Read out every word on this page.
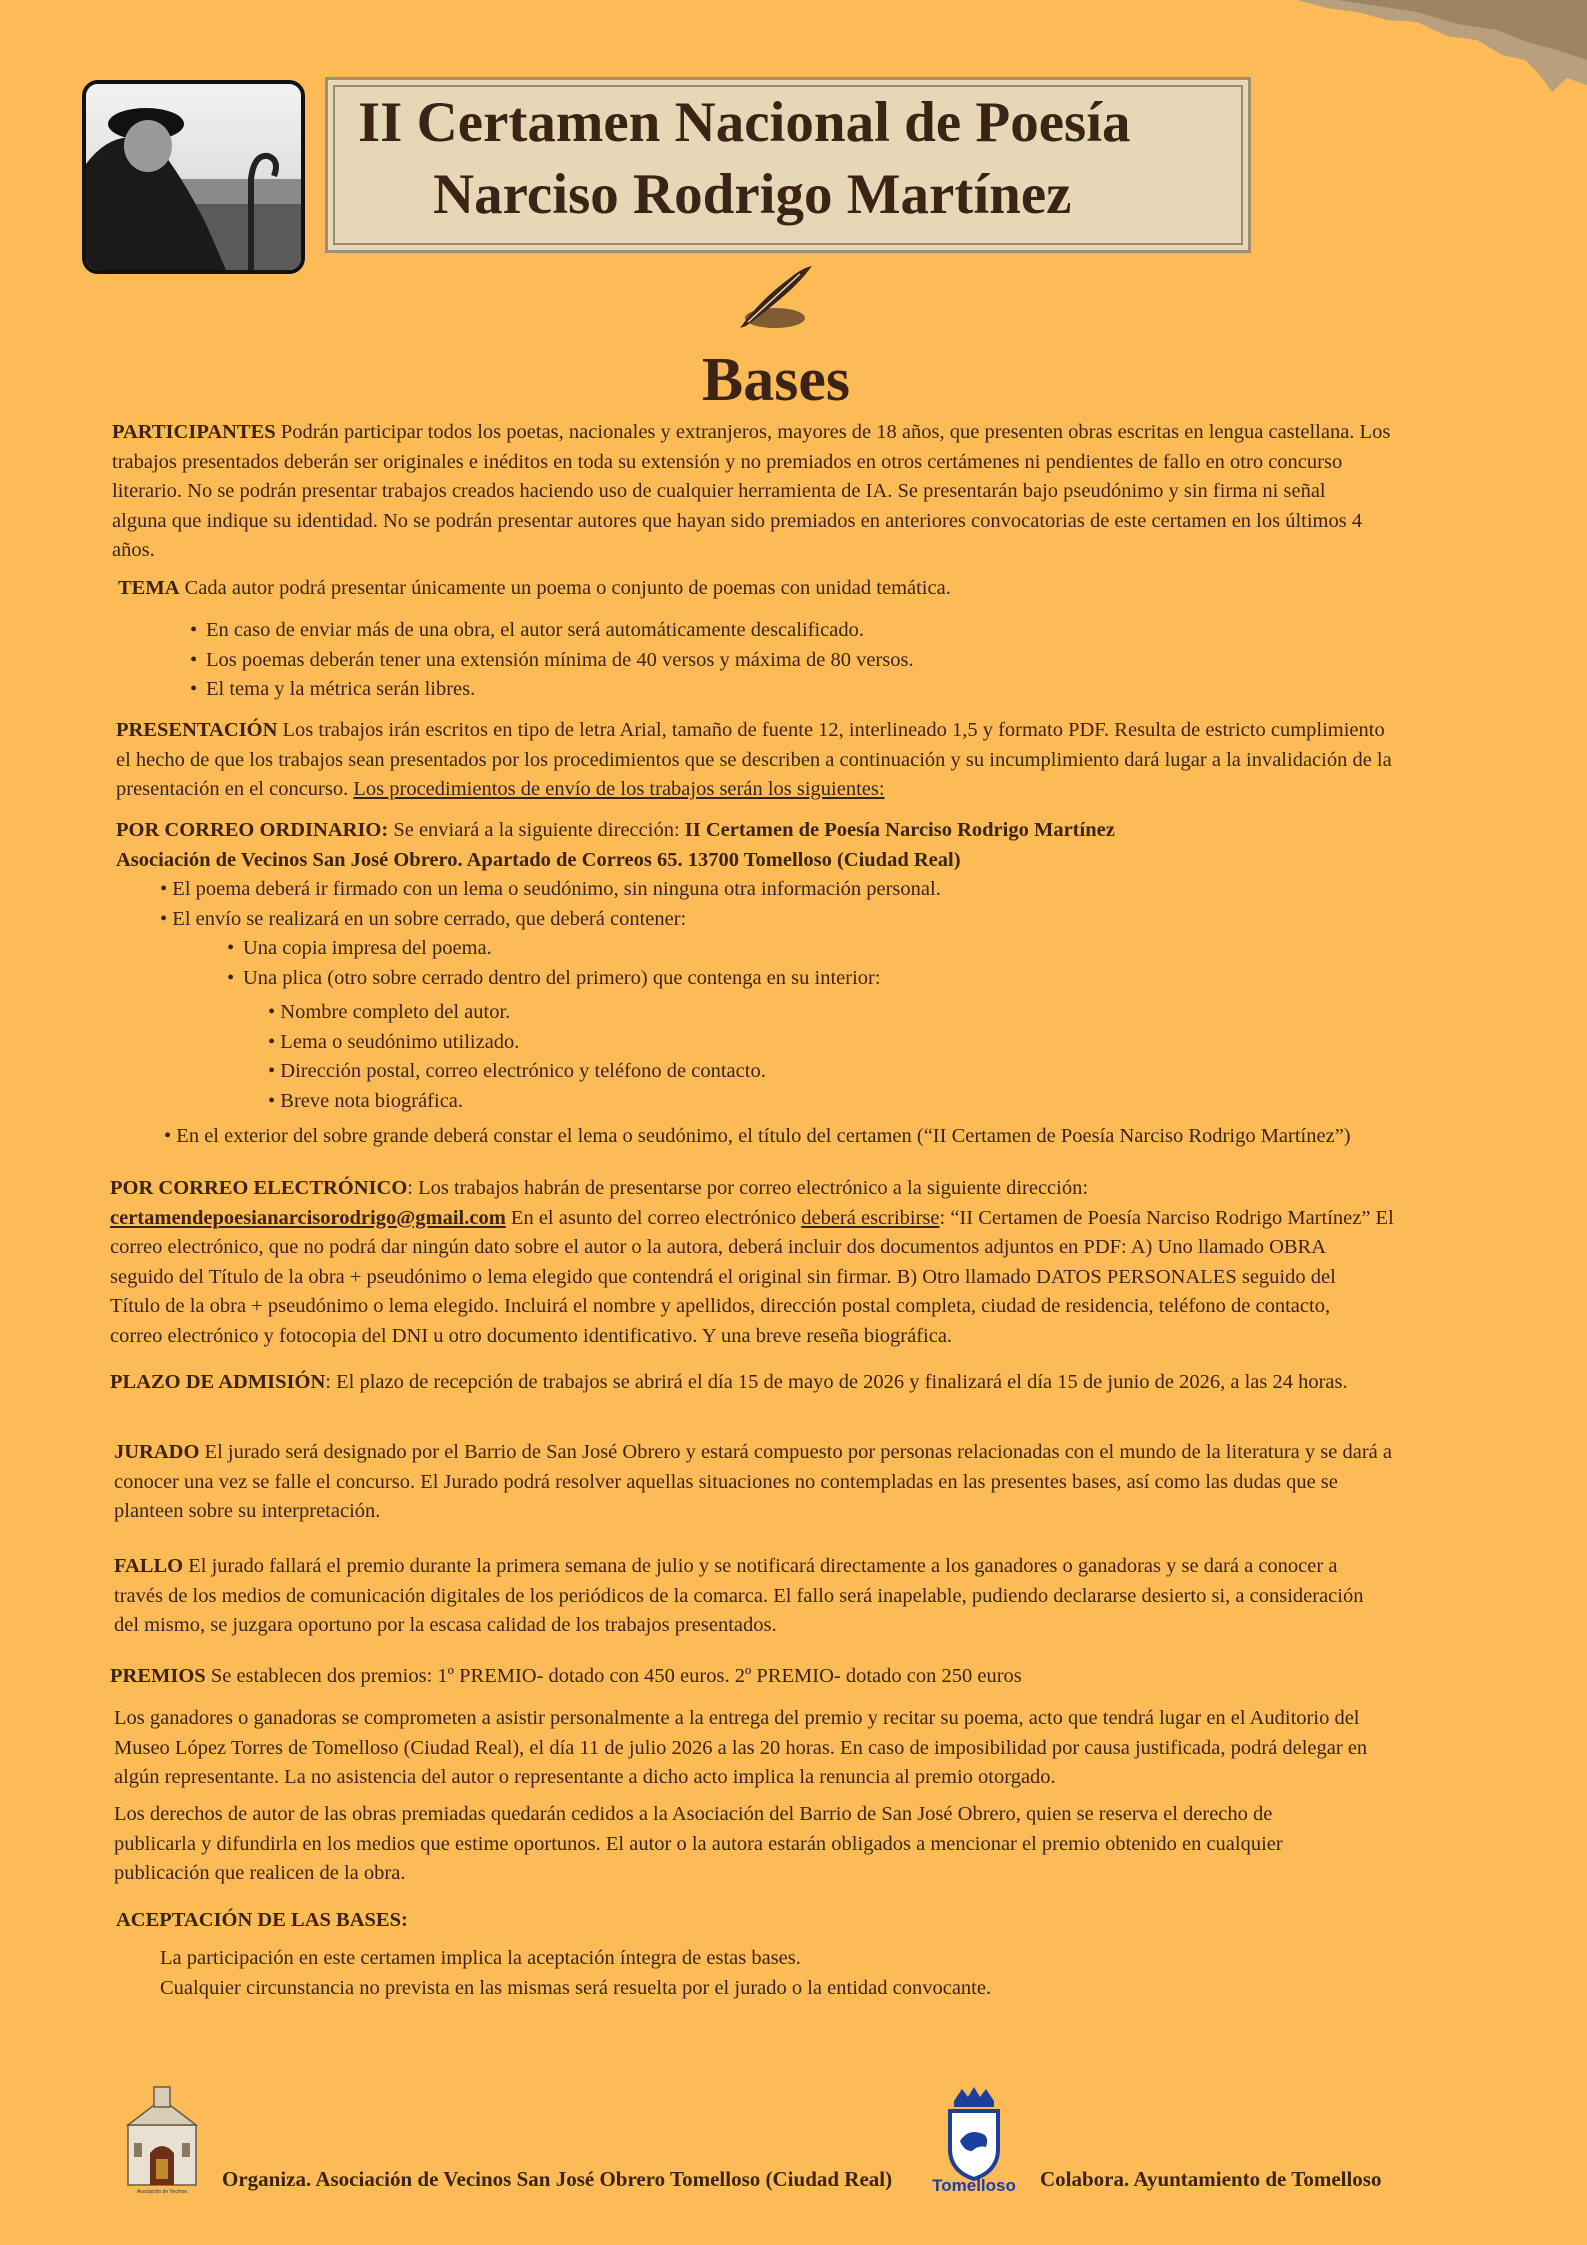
II Certamen Nacional de Poesía
Narciso Rodrigo Martínez
Bases

PARTICIPANTES Podrán participar todos los poetas, nacionales y extranjeros, mayores de 18 años, que presenten obras escritas en lengua castellana. Los

trabajos presentados deberán ser originales e inéditos en toda su extensión y no premiados en otros certámenes ni pendientes de fallo en otro concurso

literario. No se podrán presentar trabajos creados haciendo uso de cualquier herramienta de IA. Se presentarán bajo pseudónimo y sin firma ni señal

alguna que indique su identidad. No se podrán presentar autores que hayan sido premiados en anteriores convocatorias de este certamen en los últimos 4

años.

TEMA Cada autor podrá presentar únicamente un poema o conjunto de poemas con unidad temática.

• En caso de enviar más de una obra, el autor será automáticamente descalificado.
• Los poemas deberán tener una extensión mínima de 40 versos y máxima de 80 versos.
• El tema y la métrica serán libres.

PRESENTACIÓN Los trabajos irán escritos en tipo de letra Arial, tamaño de fuente 12, interlineado 1,5 y formato PDF. Resulta de estricto cumplimiento

el hecho de que los trabajos sean presentados por los procedimientos que se describen a continuación y su incumplimiento dará lugar a la invalidación de la

presentación en el concurso. Los procedimientos de envío de los trabajos serán los siguientes:

POR CORREO ORDINARIO: Se enviará a la siguiente dirección: II Certamen de Poesía Narciso Rodrigo Martínez

Asociación de Vecinos San José Obrero. Apartado de Correos 65. 13700 Tomelloso (Ciudad Real)

• El poema deberá ir firmado con un lema o seudónimo, sin ninguna otra información personal.

• El envío se realizará en un sobre cerrado, que deberá contener:

• Una copia impresa del poema.
• Una plica (otro sobre cerrado dentro del primero) que contenga en su interior:

• Nombre completo del autor.

• Lema o seudónimo utilizado.

• Dirección postal, correo electrónico y teléfono de contacto.

• Breve nota biográfica.

• En el exterior del sobre grande deberá constar el lema o seudónimo, el título del certamen (“II Certamen de Poesía Narciso Rodrigo Martínez”)

POR CORREO ELECTRÓNICO: Los trabajos habrán de presentarse por correo electrónico a la siguiente dirección:

certamendepoesianarcisorodrigo@gmail.com En el asunto del correo electrónico deberá escribirse: “II Certamen de Poesía Narciso Rodrigo Martínez” El

correo electrónico, que no podrá dar ningún dato sobre el autor o la autora, deberá incluir dos documentos adjuntos en PDF: A) Uno llamado OBRA

seguido del Título de la obra + pseudónimo o lema elegido que contendrá el original sin firmar. B) Otro llamado DATOS PERSONALES seguido del

Título de la obra + pseudónimo o lema elegido. Incluirá el nombre y apellidos, dirección postal completa, ciudad de residencia, teléfono de contacto,

correo electrónico y fotocopia del DNI u otro documento identificativo. Y una breve reseña biográfica.

PLAZO DE ADMISIÓN: El plazo de recepción de trabajos se abrirá el día 15 de mayo de 2026 y finalizará el día 15 de junio de 2026, a las 24 horas.

JURADO El jurado será designado por el Barrio de San José Obrero y estará compuesto por personas relacionadas con el mundo de la literatura y se dará a

conocer una vez se falle el concurso. El Jurado podrá resolver aquellas situaciones no contempladas en las presentes bases, así como las dudas que se

planteen sobre su interpretación.

FALLO El jurado fallará el premio durante la primera semana de julio y se notificará directamente a los ganadores o ganadoras y se dará a conocer a

través de los medios de comunicación digitales de los periódicos de la comarca. El fallo será inapelable, pudiendo declararse desierto si, a consideración

del mismo, se juzgara oportuno por la escasa calidad de los trabajos presentados.

PREMIOS Se establecen dos premios: 1º PREMIO- dotado con 450 euros. 2º PREMIO- dotado con 250 euros

Los ganadores o ganadoras se comprometen a asistir personalmente a la entrega del premio y recitar su poema, acto que tendrá lugar en el Auditorio del

Museo López Torres de Tomelloso (Ciudad Real), el día 11 de julio 2026 a las 20 horas. En caso de imposibilidad por causa justificada, podrá delegar en

algún representante. La no asistencia del autor o representante a dicho acto implica la renuncia al premio otorgado.

Los derechos de autor de las obras premiadas quedarán cedidos a la Asociación del Barrio de San José Obrero, quien se reserva el derecho de

publicarla y difundirla en los medios que estime oportunos. El autor o la autora estarán obligados a mencionar el premio obtenido en cualquier

publicación que realicen de la obra.

ACEPTACIÓN DE LAS BASES:

La participación en este certamen implica la aceptación íntegra de estas bases.

Cualquier circunstancia no prevista en las mismas será resuelta por el jurado o la entidad convocante.

Asociación de Vecinos
Organiza. Asociación de Vecinos San José Obrero Tomelloso (Ciudad Real) Tomelloso Colabora. Ayuntamiento de Tomelloso
